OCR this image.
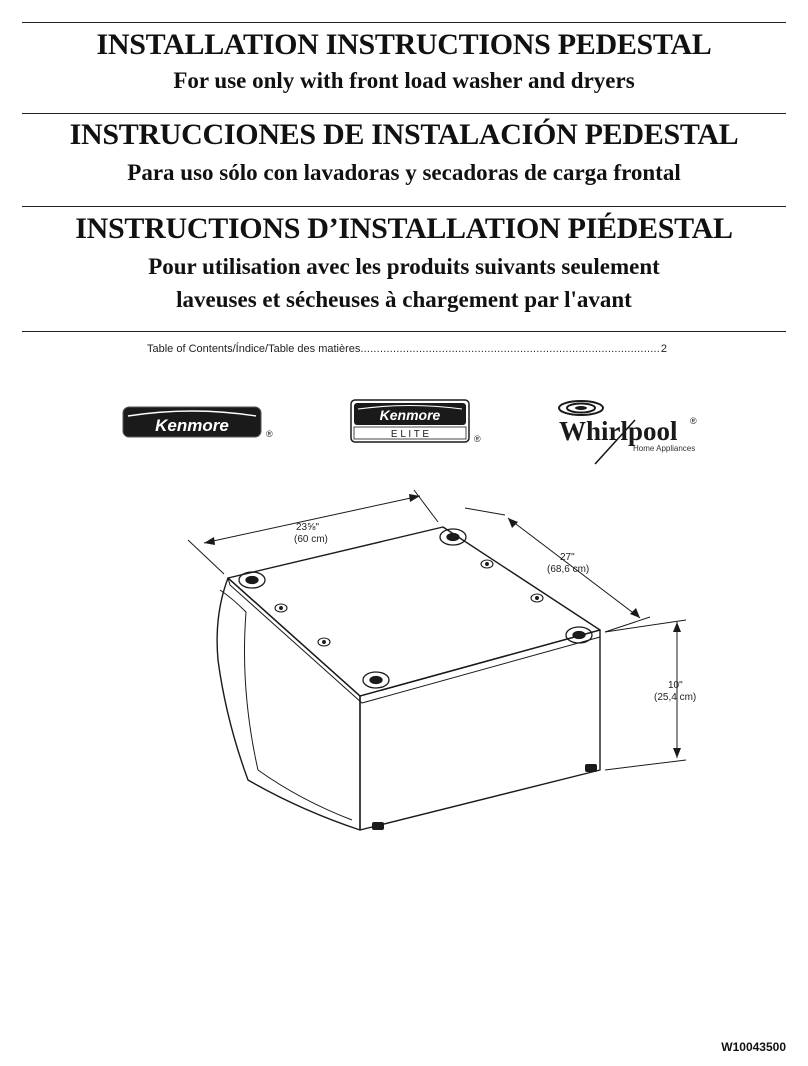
INSTALLATION INSTRUCTIONS PEDESTAL
For use only with front load washer and dryers
INSTRUCCIONES DE INSTALACIÓN PEDESTAL
Para uso sólo con lavadoras y secadoras de carga frontal
INSTRUCTIONS D’INSTALLATION PIÉDESTAL
Pour utilisation avec les produits suivants seulement
laveuses et sécheuses à chargement par l'avant
Table of Contents/Índice/Table des matières
.....	2
Kenmore	®
Kenmore
E L I T E	®	Whirlpool ®
Home Appliances
23⅝"
(60 cm)
27"
(68,6 cm)
10"
(25,4 cm)
W10043500
